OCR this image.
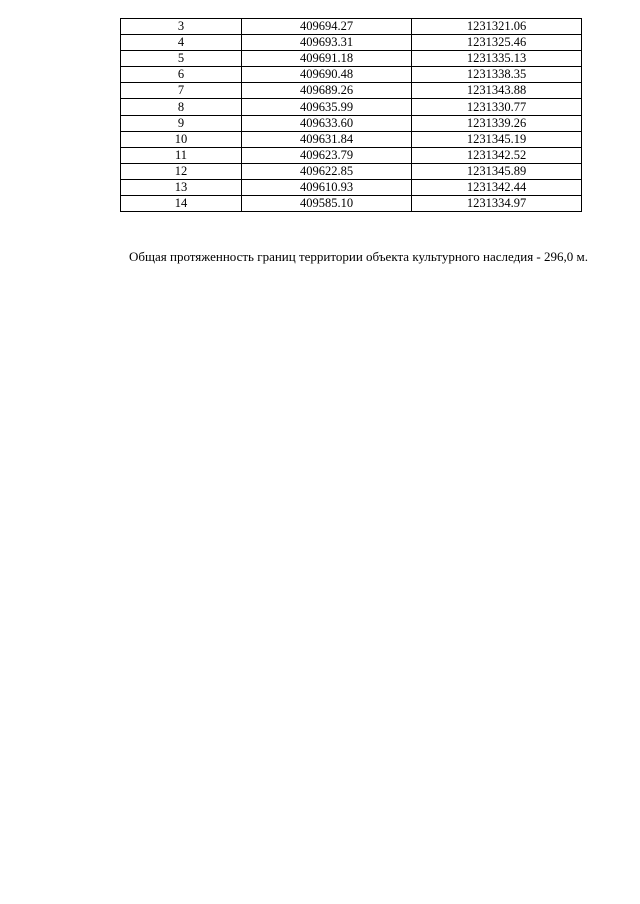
3	409694.27	1231321.06
4	409693.31	1231325.46
5	409691.18	1231335.13
6	409690.48	1231338.35
7	409689.26	1231343.88
8	409635.99	1231330.77
9	409633.60	1231339.26
10	409631.84	1231345.19
11	409623.79	1231342.52
12	409622.85	1231345.89
13	409610.93	1231342.44
14	409585.10	1231334.97

Общая протяженность границ территории объекта культурного наследия - 296,0 м.
